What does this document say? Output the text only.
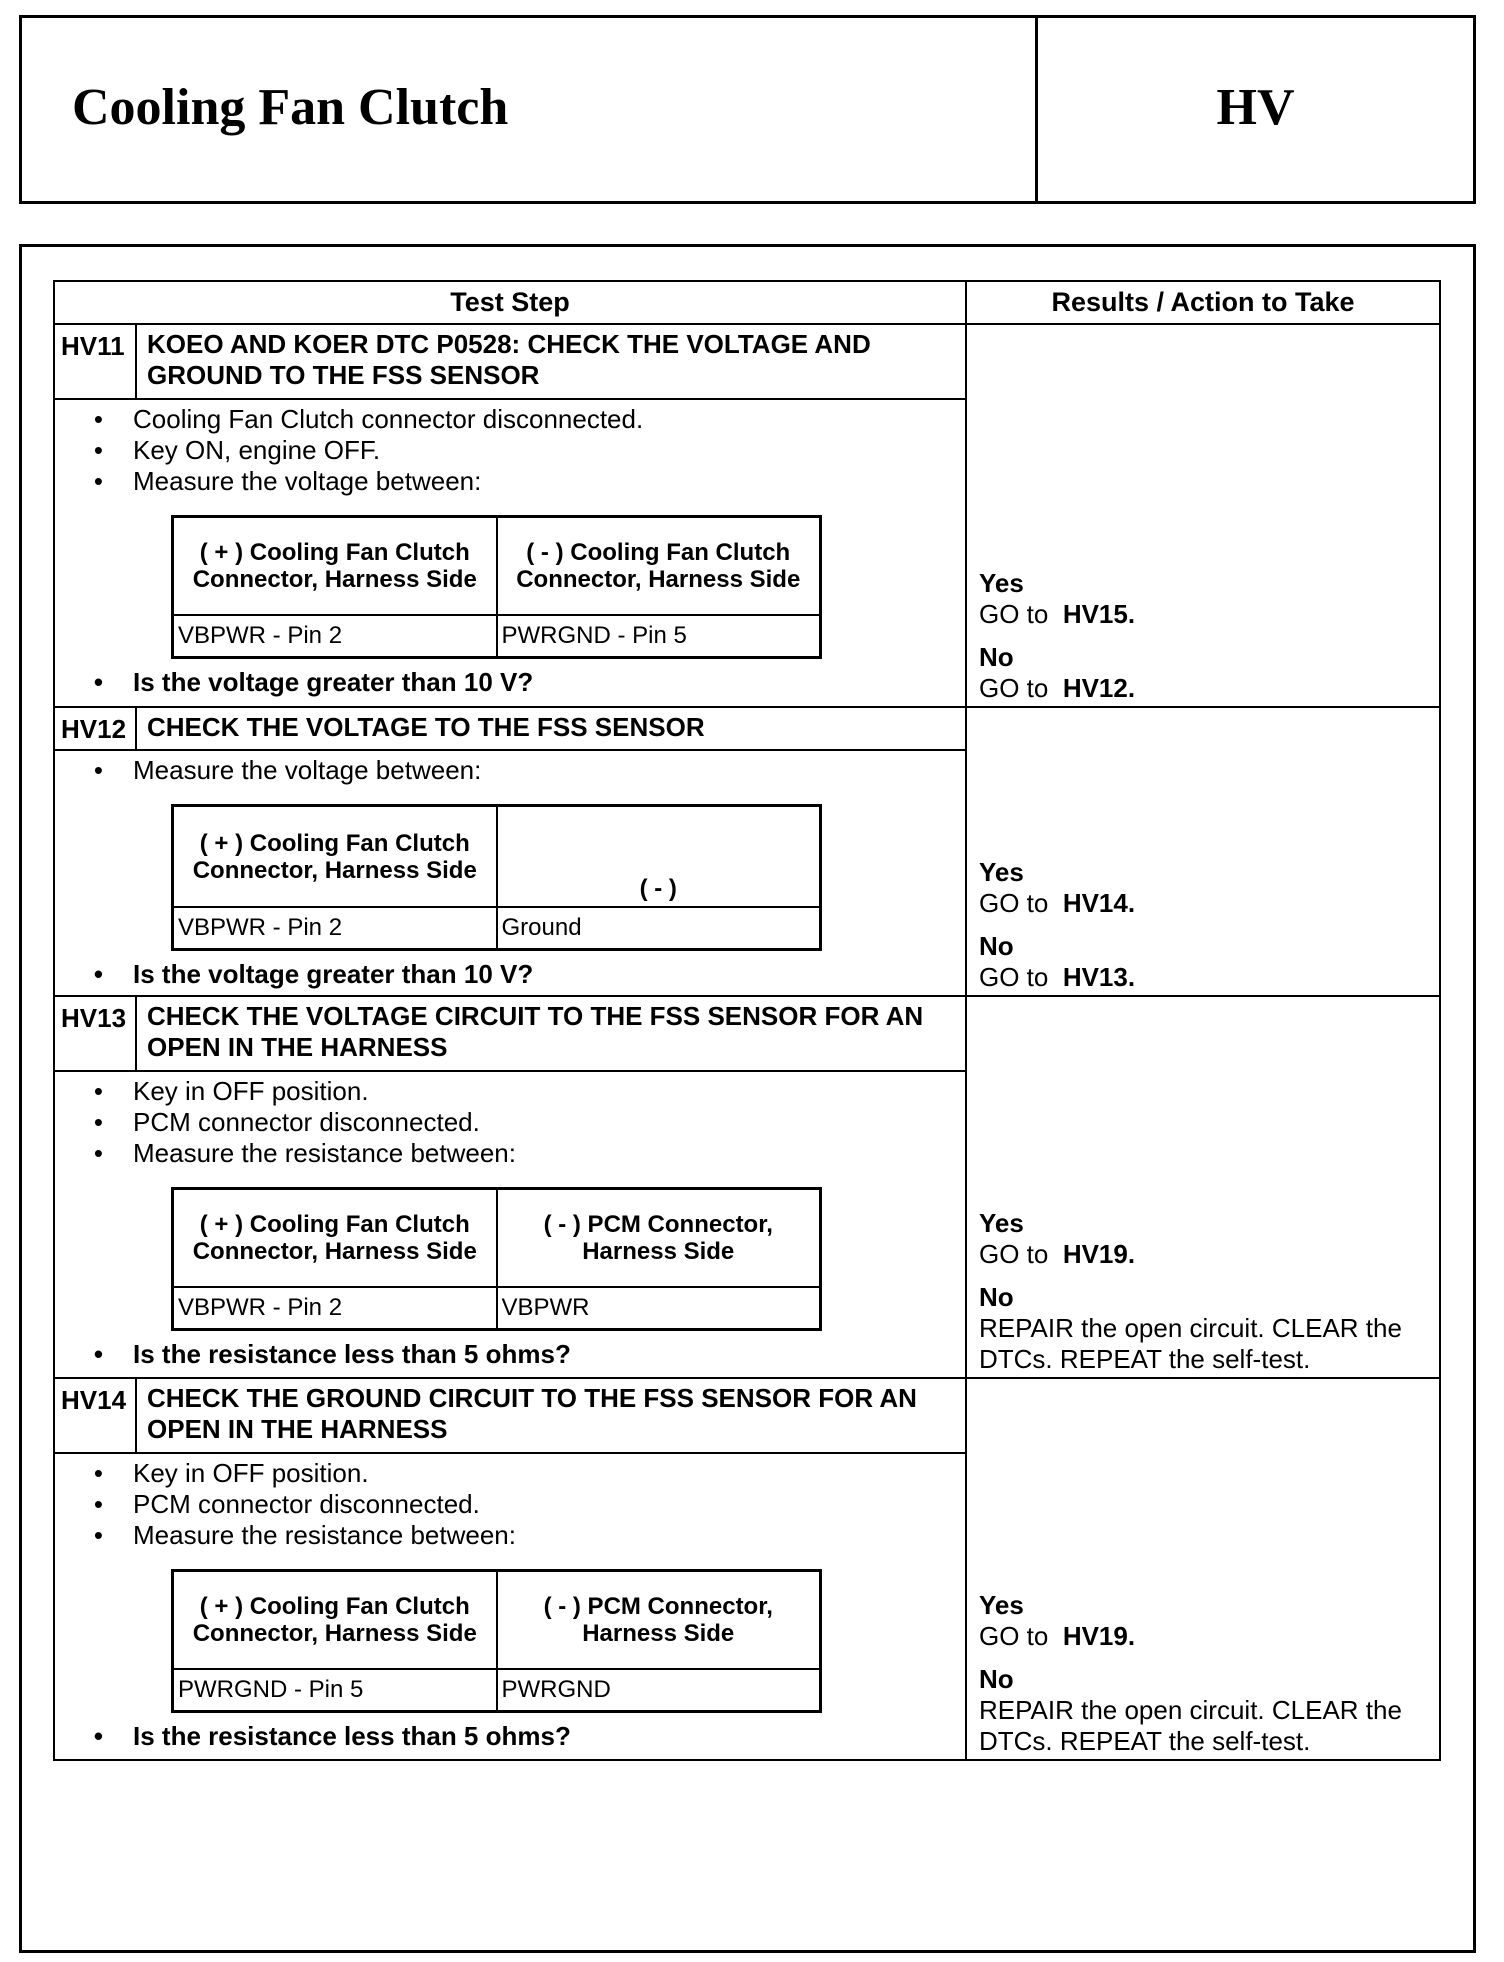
Cooling Fan Clutch	HV
Test Step	Results / Action to Take
HV11 KOEO AND KOER DTC P0528: CHECK THE VOLTAGE AND GROUND TO THE FSS SENSOR
•	Cooling Fan Clutch connector disconnected.
•	Key ON, engine OFF.
•	Measure the voltage between:
( + ) Cooling Fan Clutch Connector, Harness Side	( - ) Cooling Fan Clutch Connector, Harness Side
VBPWR - Pin 2	PWRGND - Pin 5
•	Is the voltage greater than 10 V?
Yes
GO to HV15.
No
GO to HV12.
HV12 CHECK THE VOLTAGE TO THE FSS SENSOR
•	Measure the voltage between:
( + ) Cooling Fan Clutch Connector, Harness Side	( - )
VBPWR - Pin 2	Ground
•	Is the voltage greater than 10 V?
Yes
GO to HV14.
No
GO to HV13.
HV13 CHECK THE VOLTAGE CIRCUIT TO THE FSS SENSOR FOR AN OPEN IN THE HARNESS
•	Key in OFF position.
•	PCM connector disconnected.
•	Measure the resistance between:
( + ) Cooling Fan Clutch Connector, Harness Side	( - ) PCM Connector, Harness Side
VBPWR - Pin 2	VBPWR
•	Is the resistance less than 5 ohms?
Yes
GO to HV19.
No
REPAIR the open circuit. CLEAR the DTCs. REPEAT the self-test.
HV14 CHECK THE GROUND CIRCUIT TO THE FSS SENSOR FOR AN OPEN IN THE HARNESS
•	Key in OFF position.
•	PCM connector disconnected.
•	Measure the resistance between:
( + ) Cooling Fan Clutch Connector, Harness Side	( - ) PCM Connector, Harness Side
PWRGND - Pin 5	PWRGND
•	Is the resistance less than 5 ohms?
Yes
GO to HV19.
No
REPAIR the open circuit. CLEAR the DTCs. REPEAT the self-test.
